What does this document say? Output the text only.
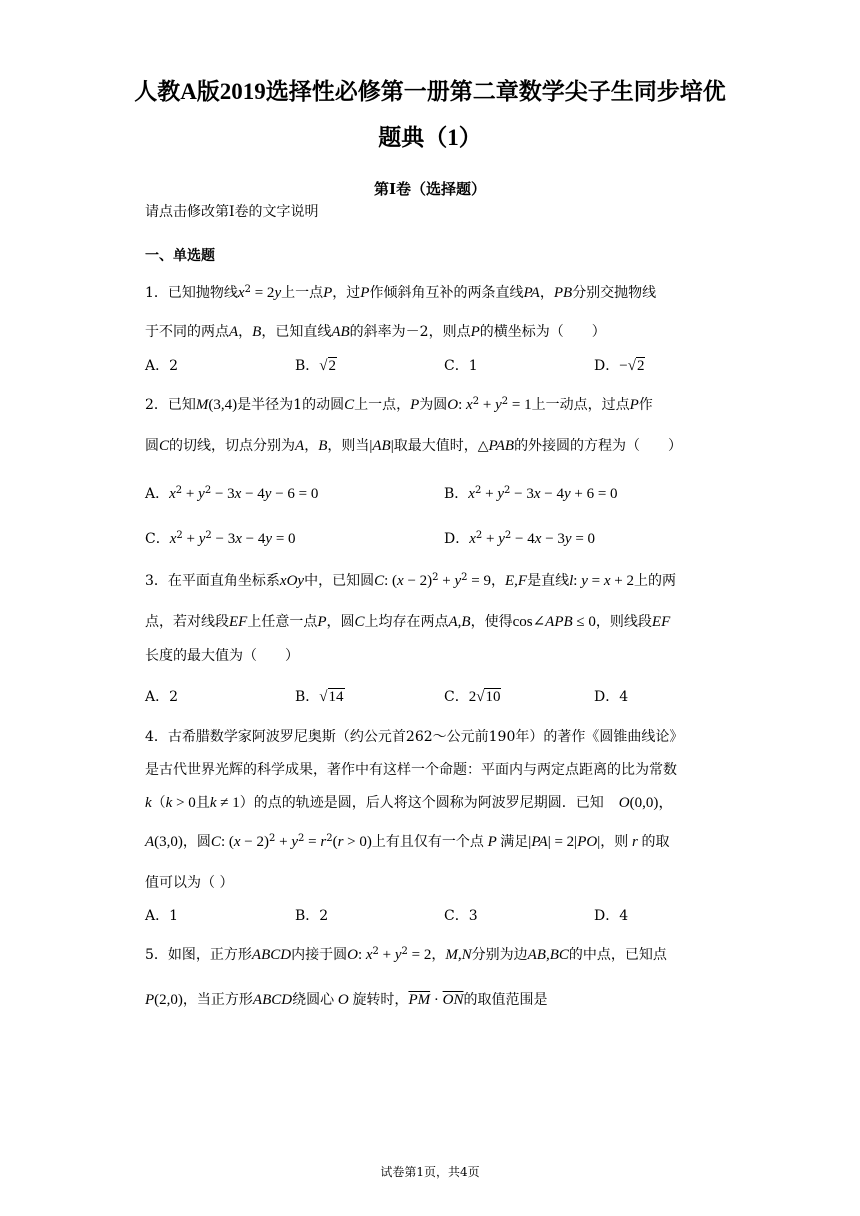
人教A版2019选择性必修第一册第二章数学尖子生同步培优
题典（1）
第I卷（选择题）
请点击修改第I卷的文字说明
一、单选题
1．已知抛物线$x^2 = 2y$上一点P，过P作倾斜角互补的两条直线PA，PB分别交抛物线
于不同的两点A，B，已知直线AB的斜率为－2，则点P的横坐标为（　　）
A．2	B．√2	C．1	D．−√2
2．已知M(3,4)是半径为1的动圆C上一点，P为圆O: $x^2 + y^2 = 1$上一动点，过点P作
圆C的切线，切点分别为A，B，则当|AB|取最大值时，△PAB的外接圆的方程为（　　）
A．$x^2 + y^2 - 3x - 4y - 6 = 0$	B．$x^2 + y^2 - 3x - 4y + 6 = 0$
C．$x^2 + y^2 - 3x - 4y = 0$	D．$x^2 + y^2 - 4x - 3y = 0$
3．在平面直角坐标系xOy中，已知圆C: $(x - 2)^2 + y^2 = 9$，E,F是直线l: y = x + 2上的两
点，若对线段EF上任意一点P，圆C上均存在两点A,B，使得cos∠APB ≤ 0，则线段EF
长度的最大值为（　　）
A．2	B．√14	C．2√10	D．4
4．古希腊数学家阿波罗尼奥斯（约公元首262～公元前190年）的著作《圆锥曲线论》
是古代世界光辉的科学成果，著作中有这样一个命题：平面内与两定点距离的比为常数
k（k > 0且k ≠ 1）的点的轨迹是圆，后人将这个圆称为阿波罗尼期圆．已知　 O(0,0)，
A(3,0)，圆C: $(x - 2)^2 + y^2 = r^2(r > 0)$上有且仅有一个点 P 满足|PA| = 2|PO|，则 r 的取
值可以为（ ）
A．1	B．2	C．3	D．4
5．如图，正方形ABCD内接于圆O: $x^2 + y^2 = 2$，M,N分别为边AB,BC的中点，已知点
P(2,0)，当正方形ABCD绕圆心 O 旋转时，$\overline{PM} \cdot \overline{ON}$的取值范围是
试卷第1页，共4页
